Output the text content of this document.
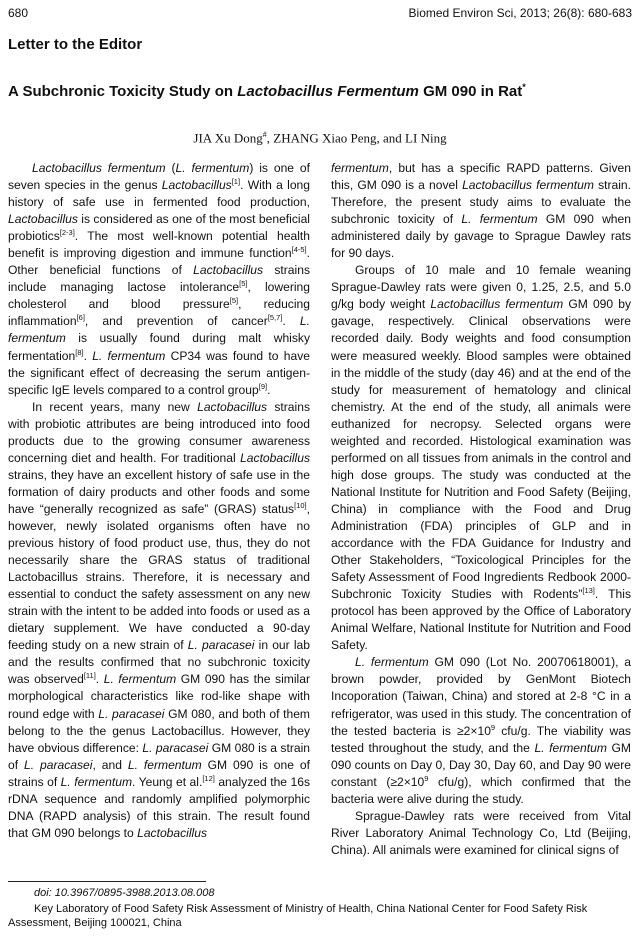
680	Biomed Environ Sci, 2013; 26(8): 680-683
Letter to the Editor
A Subchronic Toxicity Study on Lactobacillus Fermentum GM 090 in Rat*
JIA Xu Dong#, ZHANG Xiao Peng, and LI Ning

Lactobacillus fermentum (L. fermentum) is one of seven species in the genus Lactobacillus[1]. With a long history of safe use in fermented food production, Lactobacillus is considered as one of the most beneficial probiotics[2-3]. The most well-known potential health benefit is improving digestion and immune function[4-5]. Other beneficial functions of Lactobacillus strains include managing lactose intolerance[5], lowering cholesterol and blood pressure[5], reducing inflammation[6], and prevention of cancer[5,7]. L. fermentum is usually found during malt whisky fermentation[8]. L. fermentum CP34 was found to have the significant effect of decreasing the serum antigen-specific IgE levels compared to a control group[9].

In recent years, many new Lactobacillus strains with probiotic attributes are being introduced into food products due to the growing consumer awareness concerning diet and health. For traditional Lactobacillus strains, they have an excellent history of safe use in the formation of dairy products and other foods and some have “generally recognized as safe” (GRAS) status[10], however, newly isolated organisms often have no previous history of food product use, thus, they do not necessarily share the GRAS status of traditional Lactobacillus strains. Therefore, it is necessary and essential to conduct the safety assessment on any new strain with the intent to be added into foods or used as a dietary supplement. We have conducted a 90-day feeding study on a new strain of L. paracasei in our lab and the results confirmed that no subchronic toxicity was observed[11]. L. fermentum GM 090 has the similar morphological characteristics like rod-like shape with round edge with L. paracasei GM 080, and both of them belong to the the genus Lactobacillus. However, they have obvious difference: L. paracasei GM 080 is a strain of L. paracasei, and L. fermentum GM 090 is one of strains of L. fermentum. Yeung et al.[12] analyzed the 16s rDNA sequence and randomly amplified polymorphic DNA (RAPD analysis) of this strain. The result found that GM 090 belongs to Lactobacillus

fermentum, but has a specific RAPD patterns. Given this, GM 090 is a novel Lactobacillus fermentum strain. Therefore, the present study aims to evaluate the subchronic toxicity of L. fermentum GM 090 when administered daily by gavage to Sprague Dawley rats for 90 days.

Groups of 10 male and 10 female weaning Sprague-Dawley rats were given 0, 1.25, 2.5, and 5.0 g/kg body weight Lactobacillus fermentum GM 090 by gavage, respectively. Clinical observations were recorded daily. Body weights and food consumption were measured weekly. Blood samples were obtained in the middle of the study (day 46) and at the end of the study for measurement of hematology and clinical chemistry. At the end of the study, all animals were euthanized for necropsy. Selected organs were weighted and recorded. Histological examination was performed on all tissues from animals in the control and high dose groups. The study was conducted at the National Institute for Nutrition and Food Safety (Beijing, China) in compliance with the Food and Drug Administration (FDA) principles of GLP and in accordance with the FDA Guidance for Industry and Other Stakeholders, “Toxicological Principles for the Safety Assessment of Food Ingredients Redbook 2000-Subchronic Toxicity Studies with Rodents”[13]. This protocol has been approved by the Office of Laboratory Animal Welfare, National Institute for Nutrition and Food Safety.

L. fermentum GM 090 (Lot No. 20070618001), a brown powder, provided by GenMont Biotech Incoporation (Taiwan, China) and stored at 2-8 °C in a refrigerator, was used in this study. The concentration of the tested bacteria is $\ge 2\times 10^9$ cfu/g. The viability was tested throughout the study, and the L. fermentum GM 090 counts on Day 0, Day 30, Day 60, and Day 90 were constant ($\ge 2\times 10^9$ cfu/g), which confirmed that the bacteria were alive during the study.

Sprague-Dawley rats were received from Vital River Laboratory Animal Technology Co, Ltd (Beijing, China). All animals were examined for clinical signs of

doi: 10.3967/0895-3988.2013.08.008
Key Laboratory of Food Safety Risk Assessment of Ministry of Health, China National Center for Food Safety Risk Assessment, Beijing 100021, China
